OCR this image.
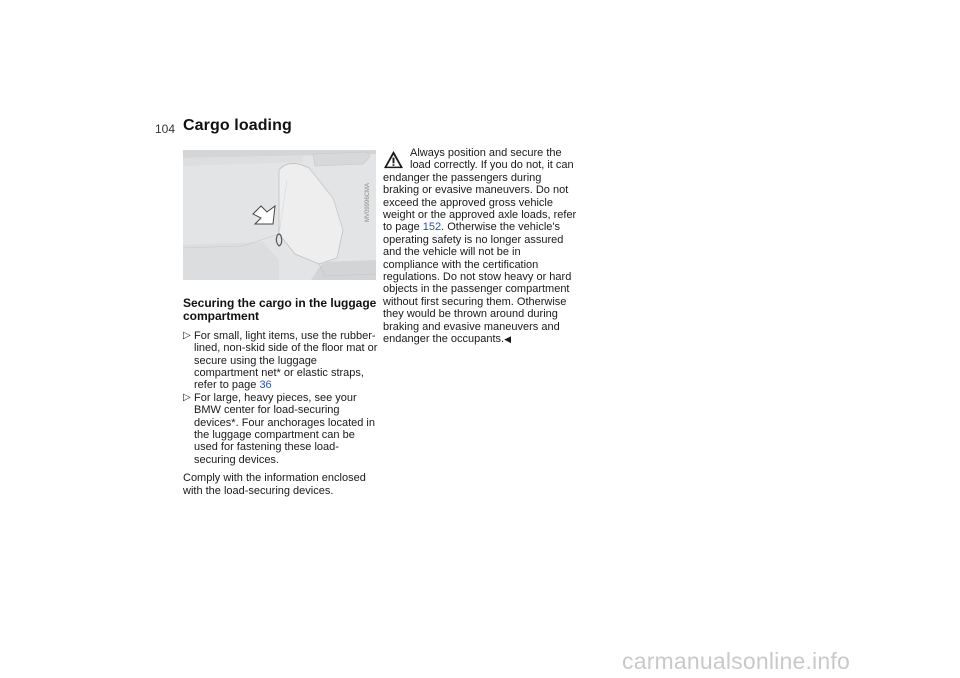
104 Cargo loading
MV09996CMA
Securing the cargo in the luggage compartment

▷ For small, light items, use the rubber-lined, non-skid side of the floor mat or secure using the luggage compartment net* or elastic straps, refer to page 36

▷ For large, heavy pieces, see your BMW center for load-securing devices*. Four anchorages located in the luggage compartment can be used for fastening these load-securing devices.

Comply with the information enclosed with the load-securing devices.

Always position and secure the load correctly. If you do not, it can endanger the passengers during braking or evasive maneuvers. Do not exceed the approved gross vehicle weight or the approved axle loads, refer to page 152. Otherwise the vehicle's operating safety is no longer assured and the vehicle will not be in compliance with the certification regulations. Do not stow heavy or hard objects in the passenger compartment without first securing them. Otherwise they would be thrown around during braking and evasive maneuvers and endanger the occupants.◀

carmanualsonline.info
